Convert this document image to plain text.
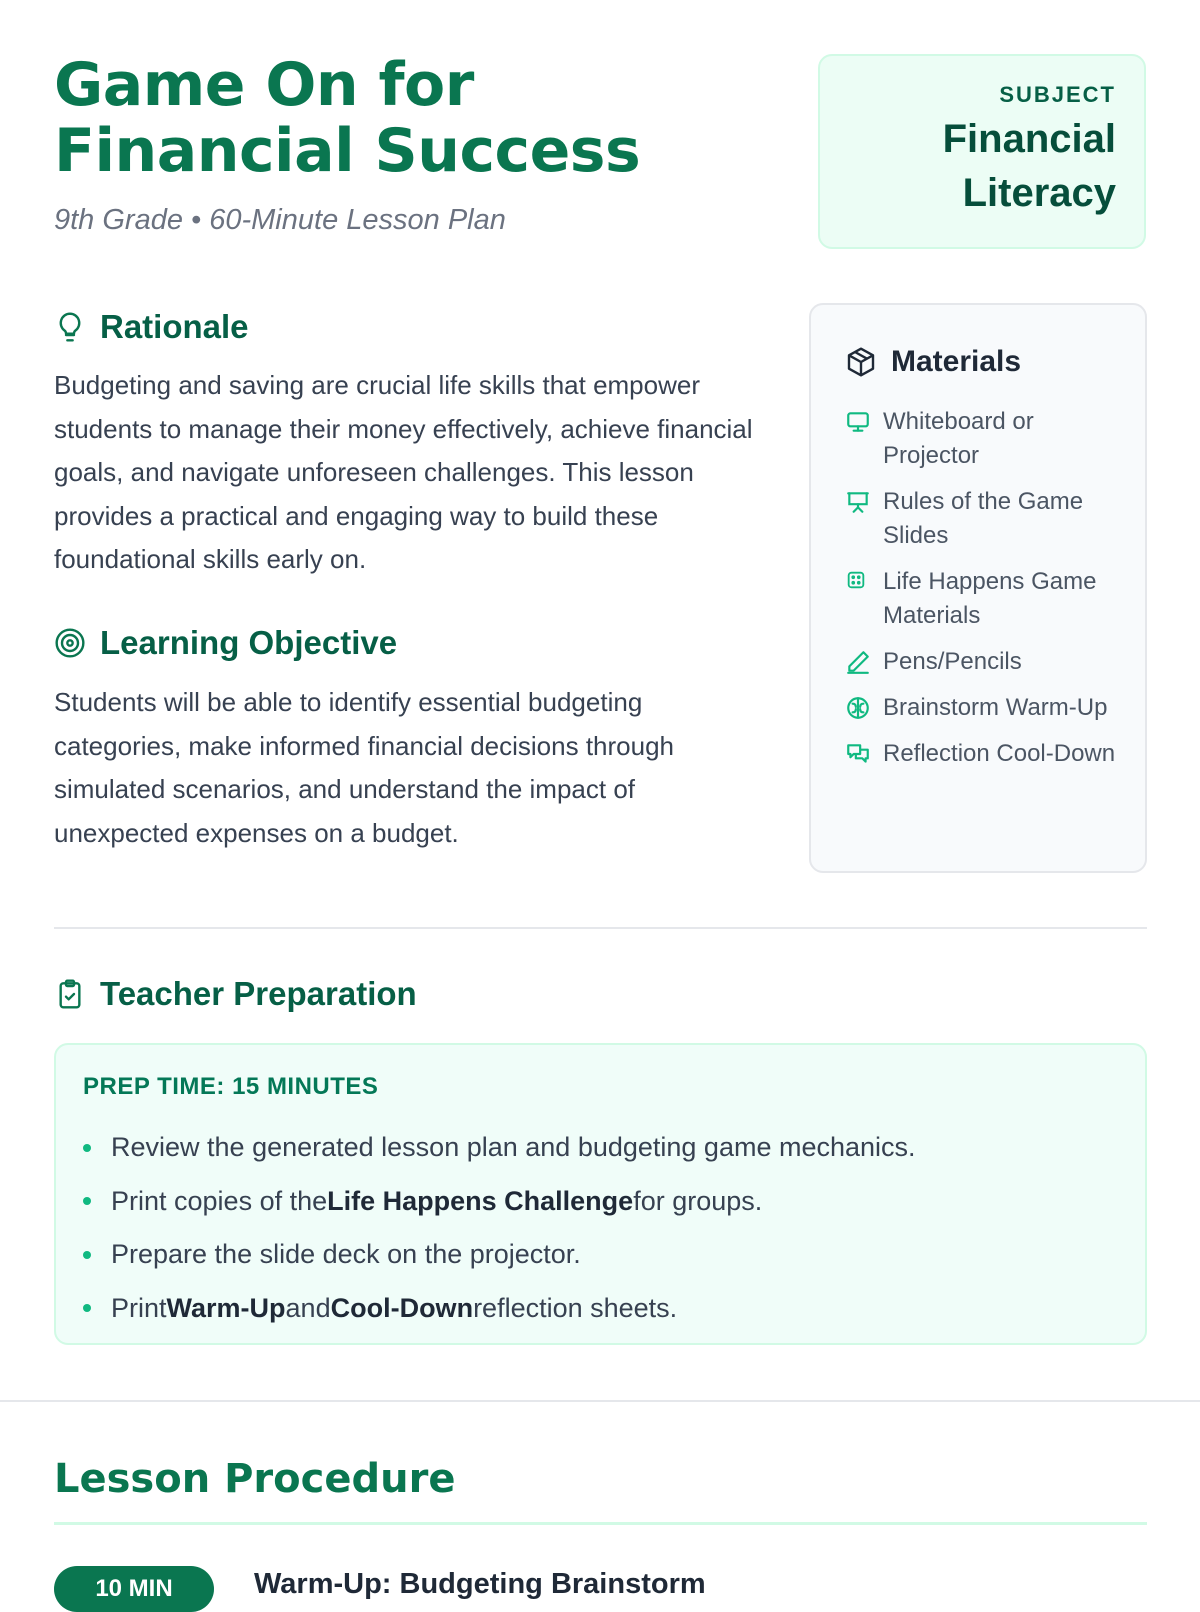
Game On for Financial Success
9th Grade • 60-Minute Lesson Plan
SUBJECT
Financial Literacy
Rationale
Budgeting and saving are crucial life skills that empower students to manage their money effectively, achieve financial goals, and navigate unforeseen challenges. This lesson provides a practical and engaging way to build these foundational skills early on.
Learning Objective
Students will be able to identify essential budgeting categories, make informed financial decisions through simulated scenarios, and understand the impact of unexpected expenses on a budget.
Materials
Whiteboard or Projector
Rules of the Game Slides
Life Happens Game Materials
Pens/Pencils
Brainstorm Warm-Up
Reflection Cool-Down
Teacher Preparation
PREP TIME: 15 MINUTES
Review the generated lesson plan and budgeting game mechanics.
Print copies of the Life Happens Challenge for groups.
Prepare the slide deck on the projector.
Print Warm-Up and Cool-Down reflection sheets.
Lesson Procedure
10 MIN	Warm-Up: Budgeting Brainstorm
